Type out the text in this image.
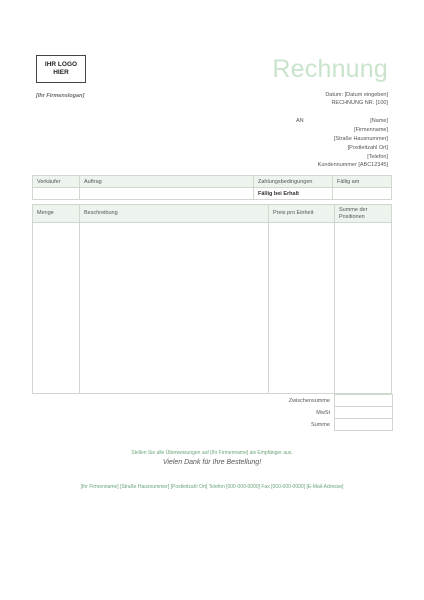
IHR LOGO HIER	Rechnung
[Ihr Firmenslogan]	Datum: [Datum eingeben]
RECHNUNG NR. [100]
AN	[Name]
[Firmenname]
[Straße Hausnummer]
[Postleitzahl Ort]
[Telefon]
Kundennummer [ABC12345]
Verkäufer	Auftrag	Zahlungsbedingungen	Fällig am
		Fällig bei Erhalt	
Menge	Beschreibung	Preis pro Einheit	Summe der Positionen

Zwischensumme	
MwSt	
Summe	
Stellen Sie alle Überweisungen auf [Ihr Firmenname] als Empfänger aus.
Vielen Dank für Ihre Bestellung!
[Ihr Firmenname] [Straße Hausnummer] [Postleitzahl Ort] Telefon [000-000-0000] Fax [000-000-0000] [E-Mail-Adresse]
